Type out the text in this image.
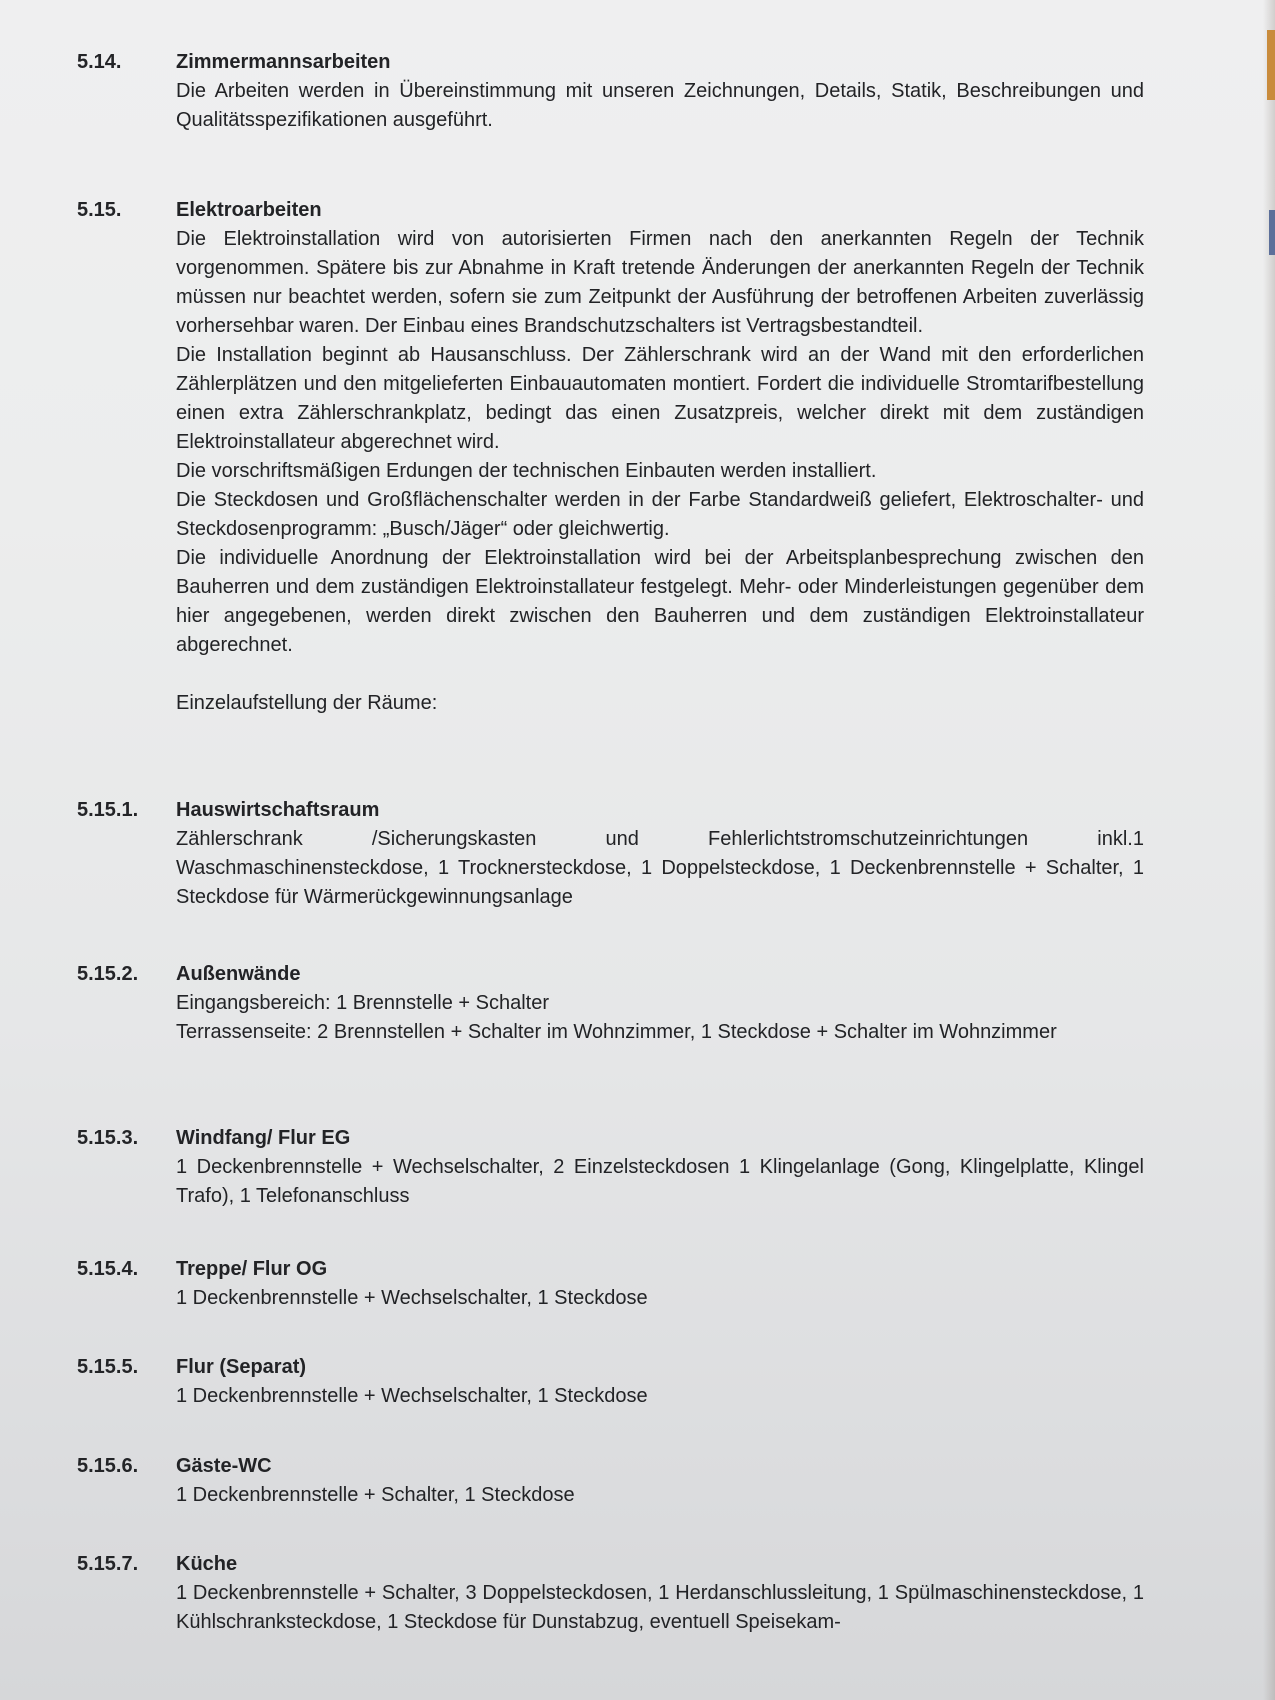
5.14.	Zimmermannsarbeiten

Die Arbeiten werden in Übereinstimmung mit unseren Zeichnungen, Details, Statik, Beschreibungen und Qualitätsspezifikationen ausgeführt.

5.15.	Elektroarbeiten

Die Elektroinstallation wird von autorisierten Firmen nach den anerkannten Regeln der Technik vorgenommen. Spätere bis zur Abnahme in Kraft tretende Änderungen der anerkannten Regeln der Technik müssen nur beachtet werden, sofern sie zum Zeitpunkt der Ausführung der betroffenen Arbeiten zuverlässig vorhersehbar waren. Der Einbau eines Brandschutzschalters ist Vertragsbestandteil.

Die Installation beginnt ab Hausanschluss. Der Zählerschrank wird an der Wand mit den erforderlichen Zählerplätzen und den mitgelieferten Einbauautomaten montiert. Fordert die individuelle Stromtarifbestellung einen extra Zählerschrankplatz, bedingt das einen Zusatzpreis, welcher direkt mit dem zuständigen Elektroinstallateur abgerechnet wird.

Die vorschriftsmäßigen Erdungen der technischen Einbauten werden installiert.

Die Steckdosen und Großflächenschalter werden in der Farbe Standardweiß geliefert, Elektroschalter- und Steckdosenprogramm: „Busch/Jäger“ oder gleichwertig.

Die individuelle Anordnung der Elektroinstallation wird bei der Arbeitsplanbesprechung zwischen den Bauherren und dem zuständigen Elektroinstallateur festgelegt. Mehr- oder Minderleistungen gegenüber dem hier angegebenen, werden direkt zwischen den Bauherren und dem zuständigen Elektroinstallateur abgerechnet.

Einzelaufstellung der Räume:

5.15.1. Hauswirtschaftsraum

Zählerschrank /Sicherungskasten und Fehlerlichtstromschutzeinrichtungen inkl.1 Waschmaschinensteckdose, 1 Trocknersteckdose, 1 Doppelsteckdose, 1 Deckenbrennstelle + Schalter, 1 Steckdose für Wärmerückgewinnungsanlage

5.15.2. Außenwände

Eingangsbereich: 1 Brennstelle + Schalter

Terrassenseite: 2 Brennstellen + Schalter im Wohnzimmer, 1 Steckdose + Schalter im Wohnzimmer

5.15.3. Windfang/ Flur EG

1 Deckenbrennstelle + Wechselschalter, 2 Einzelsteckdosen 1 Klingelanlage (Gong, Klingelplatte, Klingel Trafo), 1 Telefonanschluss

5.15.4. Treppe/ Flur OG

1 Deckenbrennstelle + Wechselschalter, 1 Steckdose

5.15.5. Flur (Separat)

1 Deckenbrennstelle + Wechselschalter, 1 Steckdose

5.15.6. Gäste-WC

1 Deckenbrennstelle + Schalter, 1 Steckdose

5.15.7. Küche

1 Deckenbrennstelle + Schalter, 3 Doppelsteckdosen, 1 Herdanschlussleitung, 1 Spülmaschinensteckdose, 1 Kühlschranksteckdose, 1 Steckdose für Dunstabzug, eventuell Speisekam-
